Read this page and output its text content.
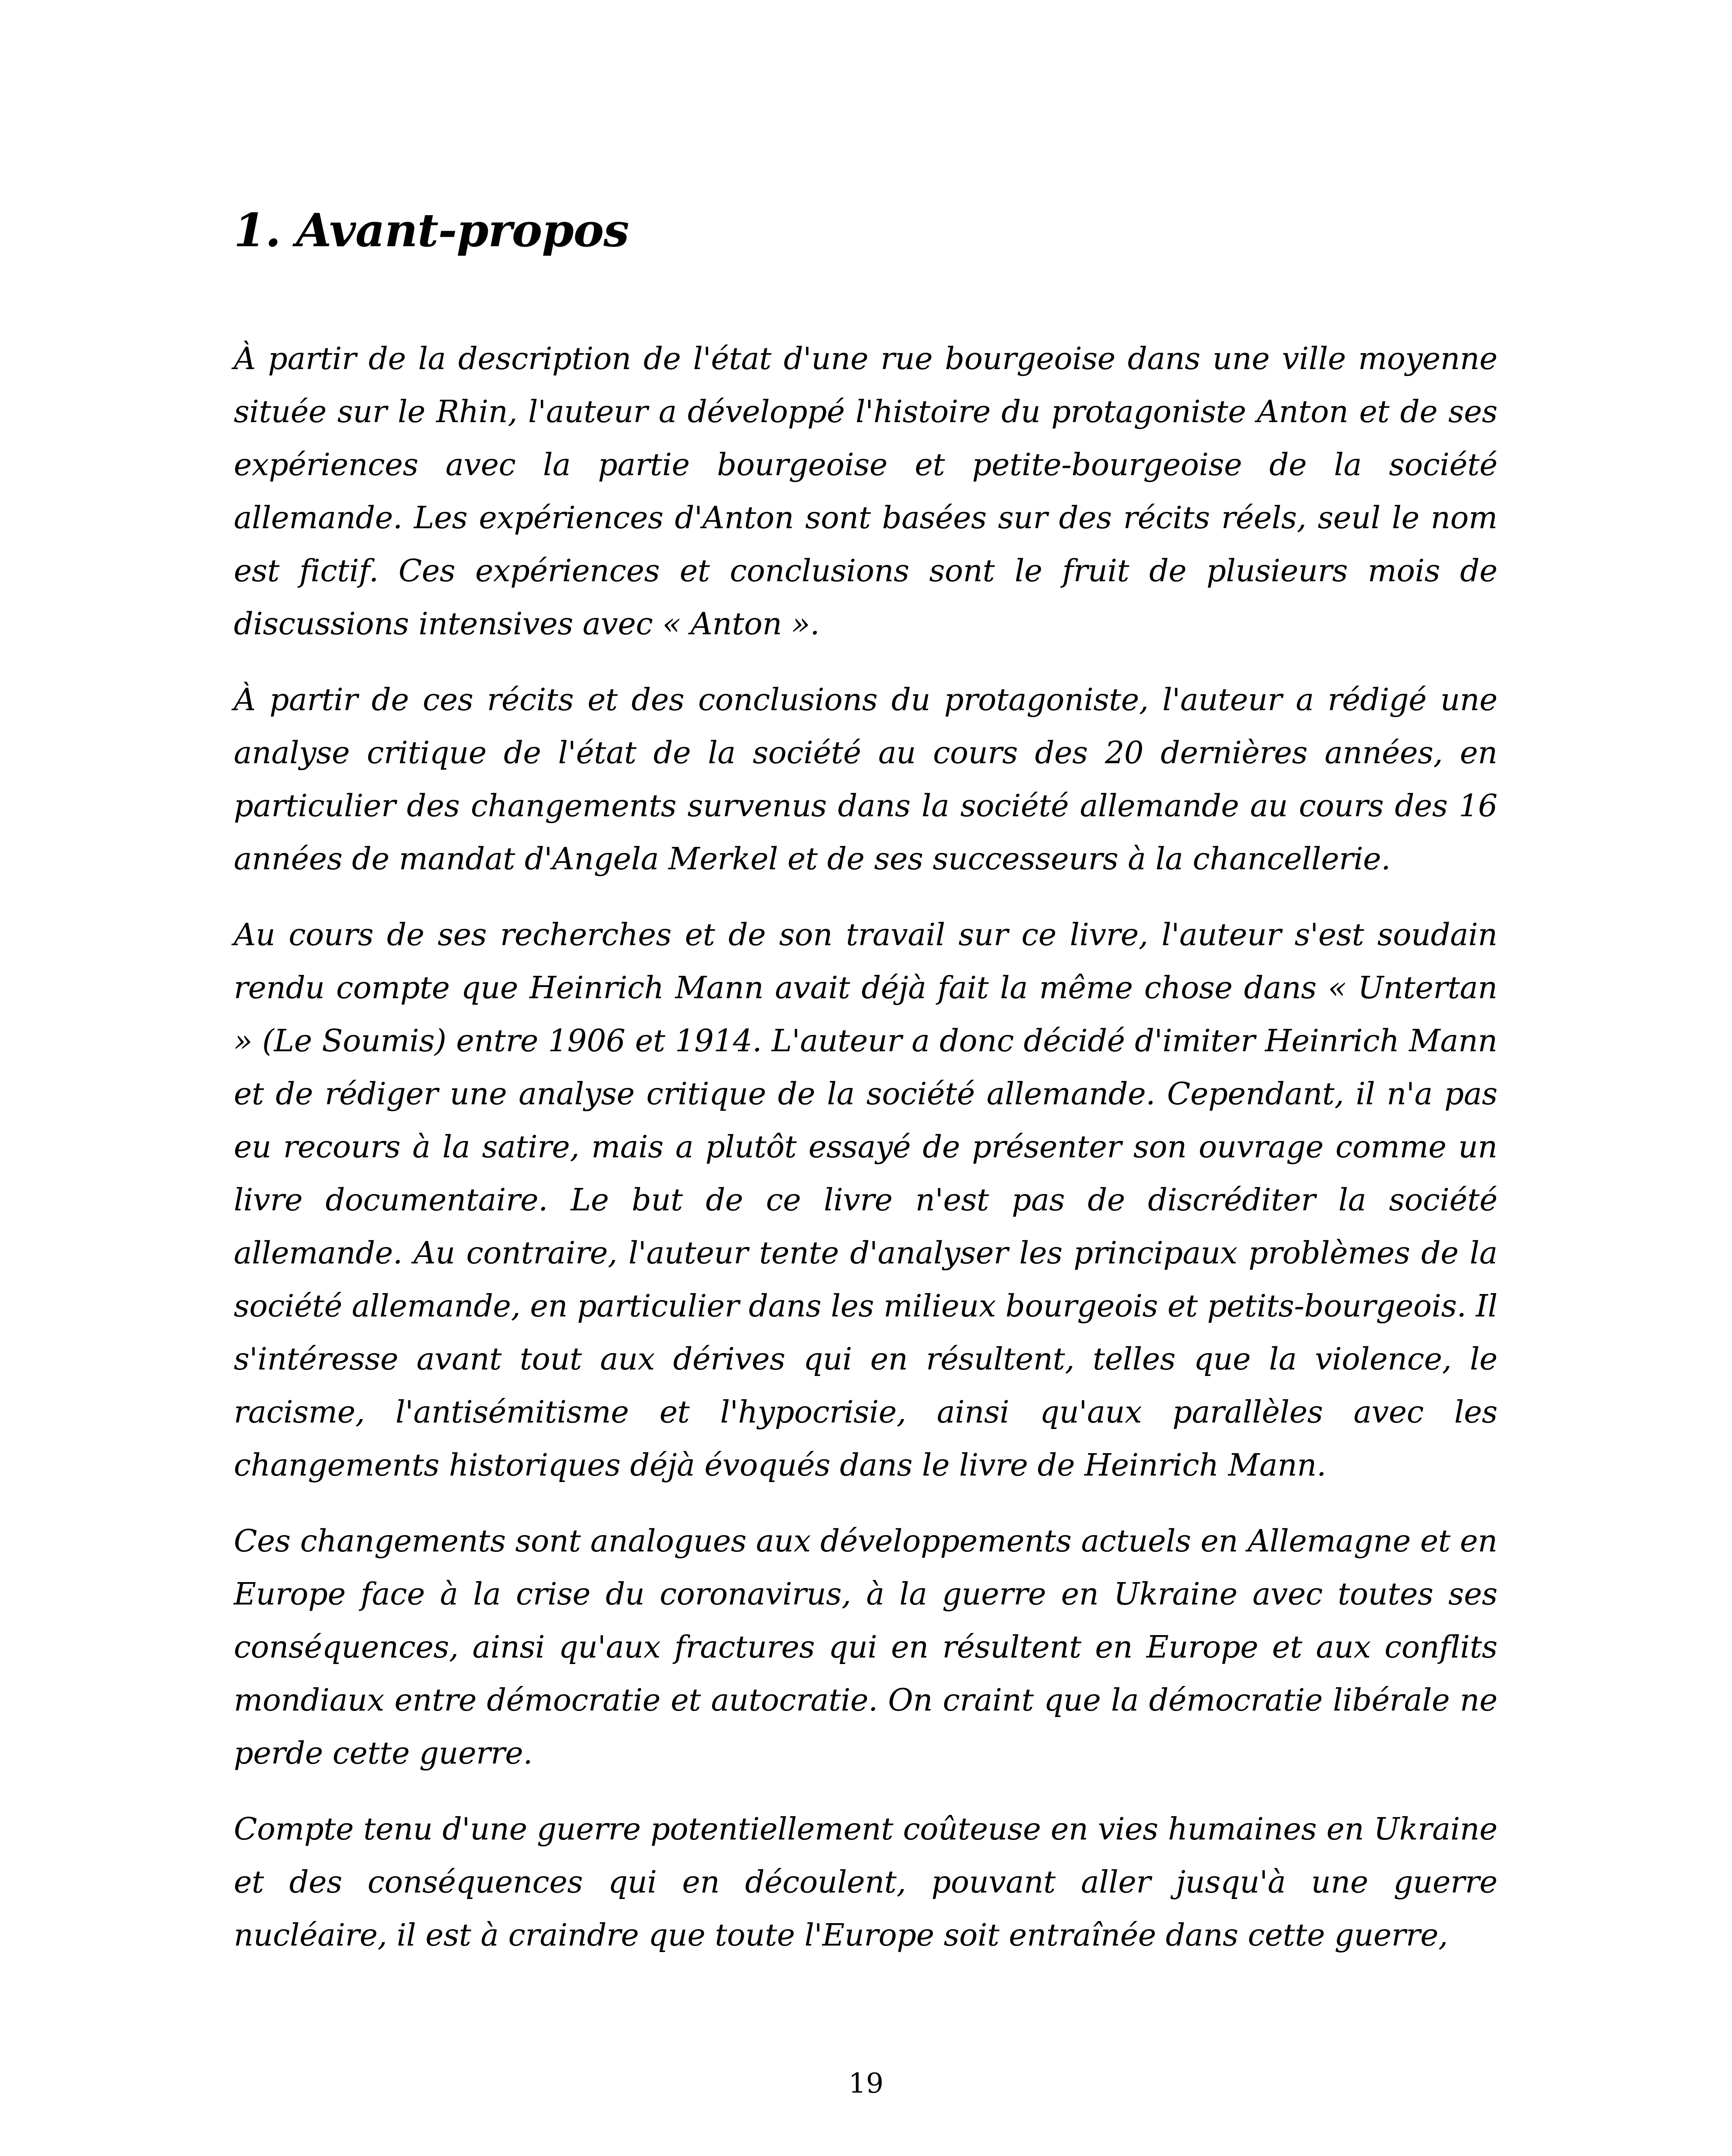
1. Avant-propos

À partir de la description de l'état d'une rue bourgeoise dans une ville moyenne située sur le Rhin, l'auteur a développé l'histoire du protagoniste Anton et de ses expériences avec la partie bourgeoise et petite-bourgeoise de la société allemande. Les expériences d'Anton sont basées sur des récits réels, seul le nom est fictif. Ces expériences et conclusions sont le fruit de plusieurs mois de discussions intensives avec « Anton ».

À partir de ces récits et des conclusions du protagoniste, l'auteur a rédigé une analyse critique de l'état de la société au cours des 20 dernières années, en particulier des changements survenus dans la société allemande au cours des 16 années de mandat d'Angela Merkel et de ses successeurs à la chancellerie.

Au cours de ses recherches et de son travail sur ce livre, l'auteur s'est soudain rendu compte que Heinrich Mann avait déjà fait la même chose dans « Untertan » (Le Soumis) entre 1906 et 1914. L'auteur a donc décidé d'imiter Heinrich Mann et de rédiger une analyse critique de la société allemande. Cependant, il n'a pas eu recours à la satire, mais a plutôt essayé de présenter son ouvrage comme un livre documentaire. Le but de ce livre n'est pas de discréditer la société allemande. Au contraire, l'auteur tente d'analyser les principaux problèmes de la société allemande, en particulier dans les milieux bourgeois et petits-bourgeois. Il s'intéresse avant tout aux dérives qui en résultent, telles que la violence, le racisme, l'antisémitisme et l'hypocrisie, ainsi qu'aux parallèles avec les changements historiques déjà évoqués dans le livre de Heinrich Mann.

Ces changements sont analogues aux développements actuels en Allemagne et en Europe face à la crise du coronavirus, à la guerre en Ukraine avec toutes ses conséquences, ainsi qu'aux fractures qui en résultent en Europe et aux conflits mondiaux entre démocratie et autocratie. On craint que la démocratie libérale ne perde cette guerre.

Compte tenu d'une guerre potentiellement coûteuse en vies humaines en Ukraine et des conséquences qui en découlent, pouvant aller jusqu'à une guerre nucléaire, il est à craindre que toute l'Europe soit entraînée dans cette guerre,

19
